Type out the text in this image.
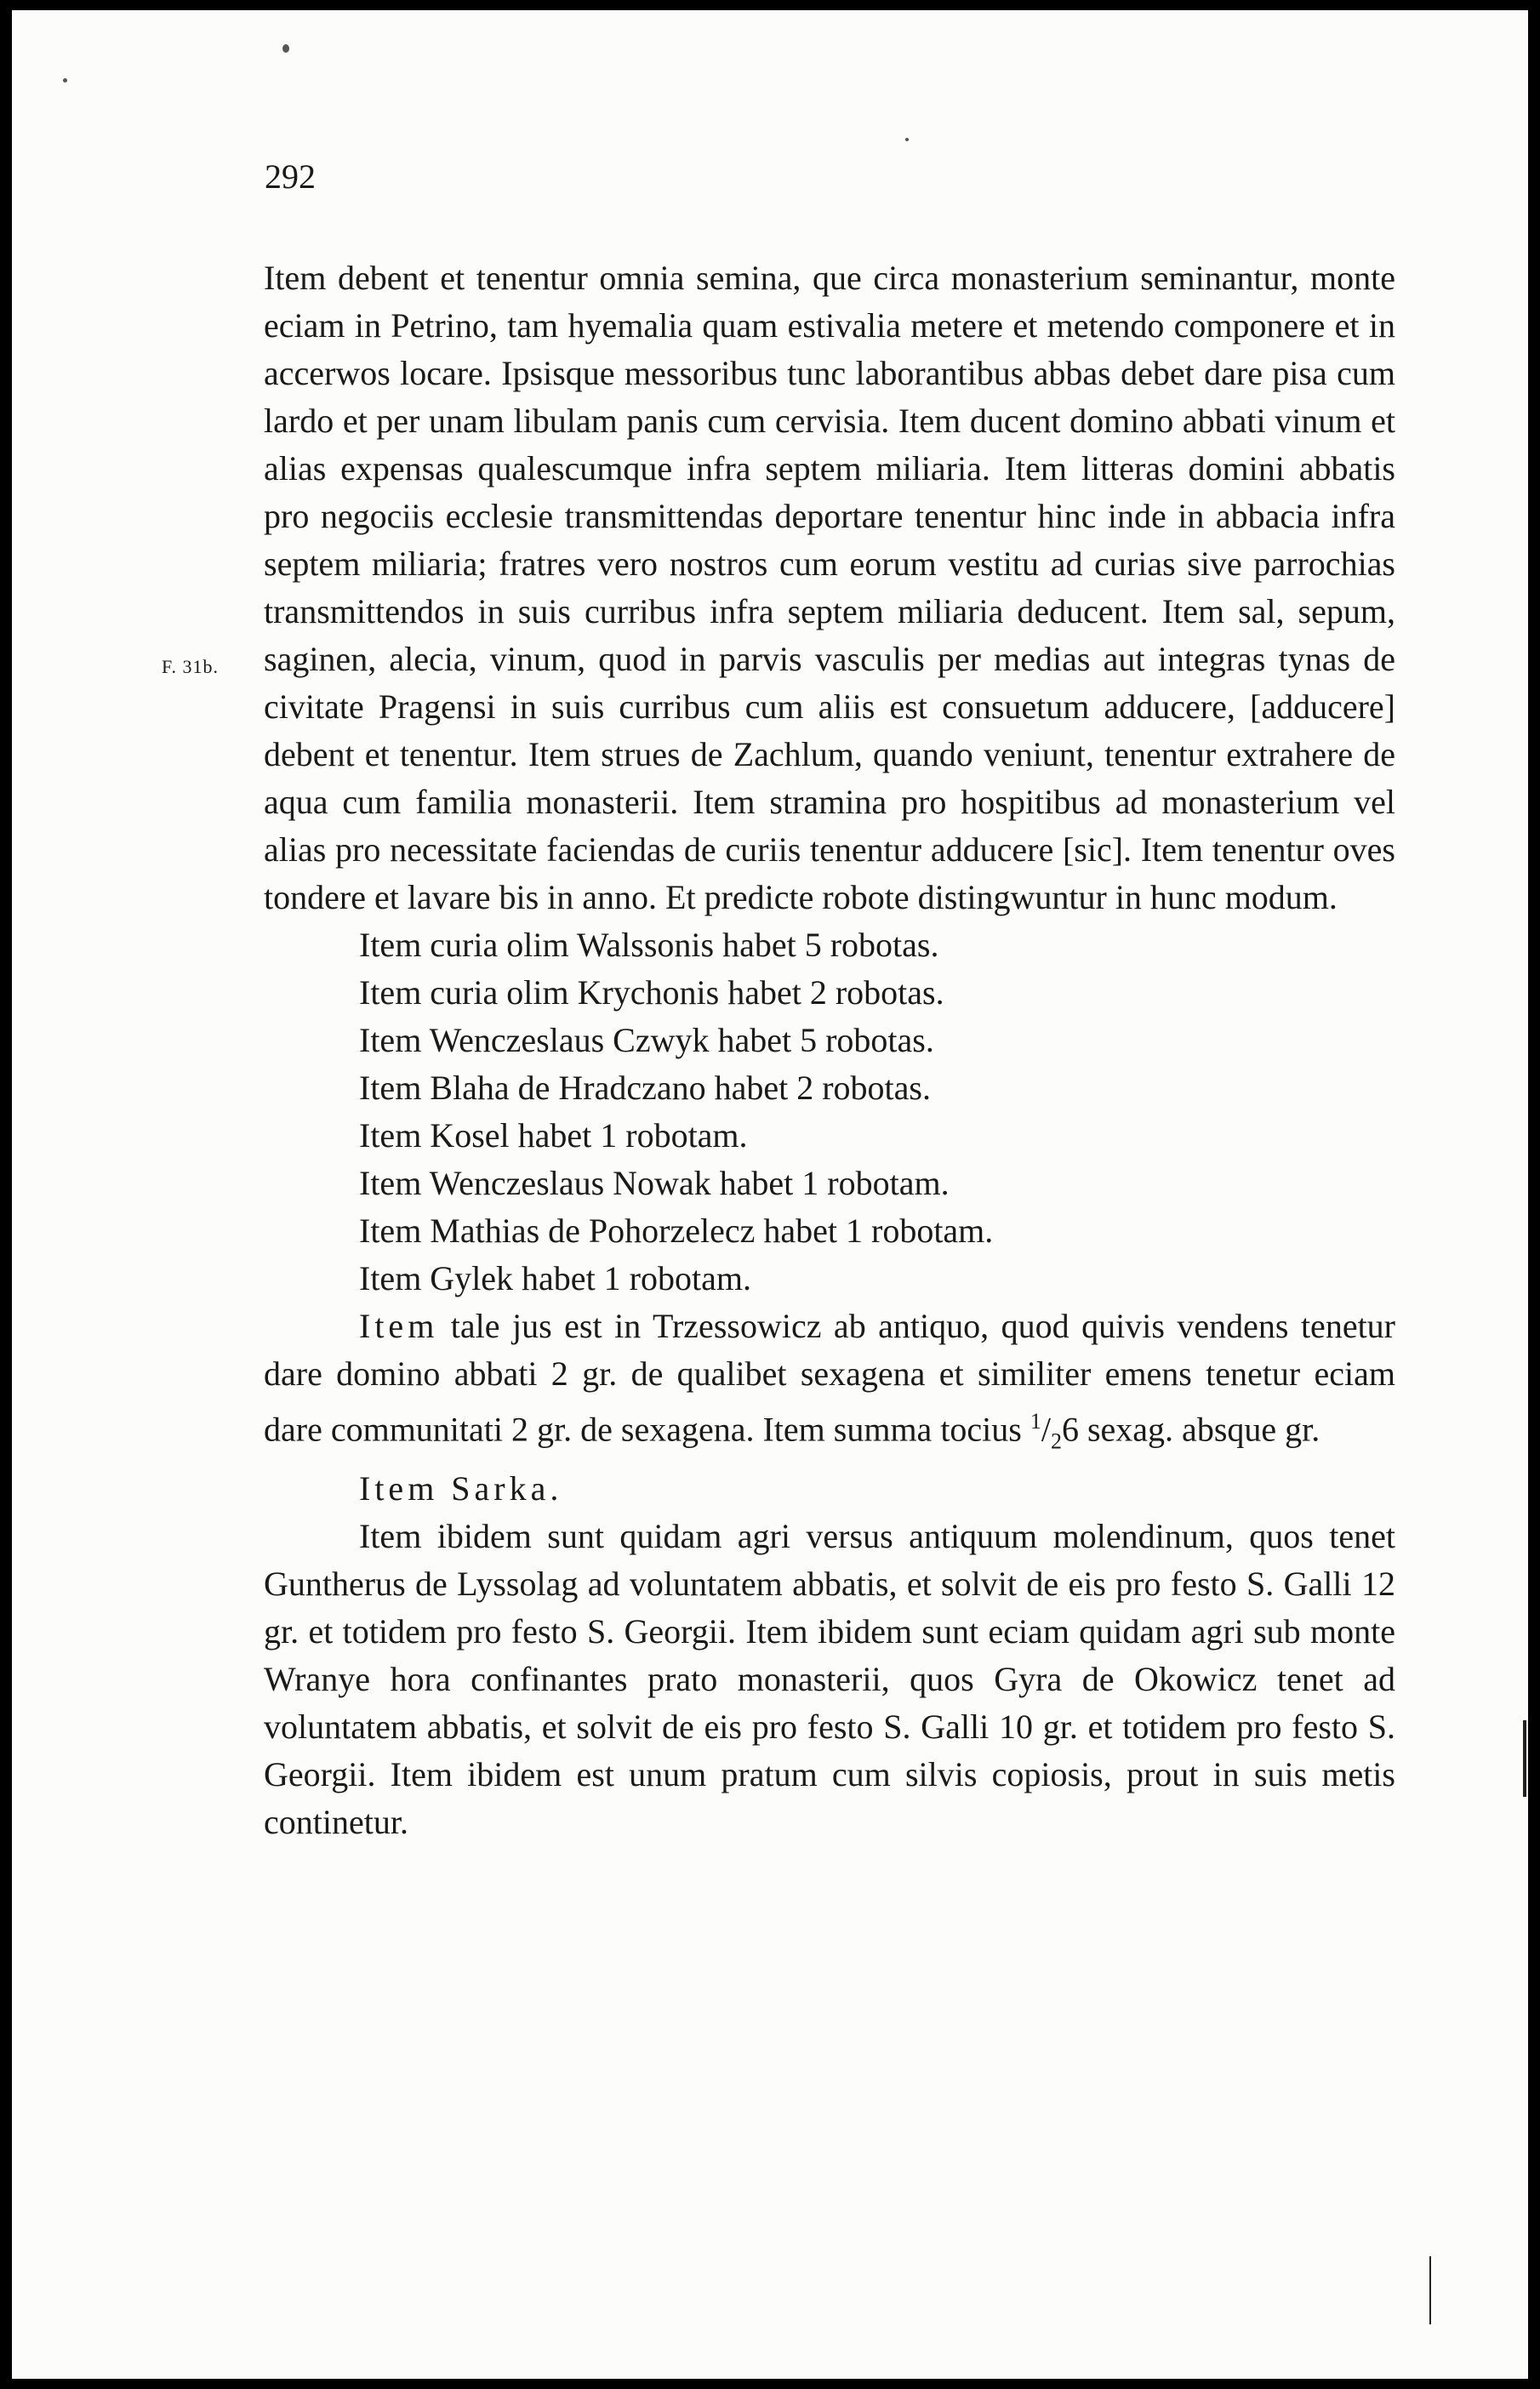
292
F. 31b.

Item debent et tenentur omnia semina, que circa monasterium seminantur, monte eciam in Petrino, tam hyemalia quam estivalia metere et metendo componere et in accerwos locare. Ipsisque messoribus tunc laborantibus abbas debet dare pisa cum lardo et per unam libulam panis cum cervisia. Item ducent domino abbati vinum et alias expensas qualescumque infra septem miliaria. Item litteras domini abbatis pro negociis ecclesie transmittendas deportare tenentur hinc inde in abbacia infra septem miliaria; fratres vero nostros cum eorum vestitu ad curias sive parrochias transmittendos in suis curribus infra septem miliaria deducent. Item sal, sepum, saginen, alecia, vinum, quod in parvis vasculis per medias aut integras tynas de civitate Pragensi in suis curribus cum aliis est consuetum adducere, [adducere] debent et tenentur. Item strues de Zachlum, quando veniunt, tenentur extrahere de aqua cum familia monasterii. Item stramina pro hospitibus ad monasterium vel alias pro necessitate faciendas de curiis tenentur adducere [sic]. Item tenentur oves tondere et lavare bis in anno. Et predicte robote distingwuntur in hunc modum.

Item curia olim Walssonis habet 5 robotas.

Item curia olim Krychonis habet 2 robotas.

Item Wenczeslaus Czwyk habet 5 robotas.

Item Blaha de Hradczano habet 2 robotas.

Item Kosel habet 1 robotam.

Item Wenczeslaus Nowak habet 1 robotam.

Item Mathias de Pohorzelecz habet 1 robotam.

Item Gylek habet 1 robotam.

Item tale jus est in Trzessowicz ab antiquo, quod quivis vendens tenetur dare domino abbati 2 gr. de qualibet sexagena et similiter emens tenetur eciam dare communitati 2 gr. de sexagena. Item summa tocius $^1/_26$ sexag. absque gr.

Item Sarka.

Item ibidem sunt quidam agri versus antiquum molendinum, quos tenet Guntherus de Lyssolag ad voluntatem abbatis, et solvit de eis pro festo S. Galli 12 gr. et totidem pro festo S. Georgii. Item ibidem sunt eciam quidam agri sub monte Wranye hora confinantes prato monasterii, quos Gyra de Okowicz tenet ad voluntatem abbatis, et solvit de eis pro festo S. Galli 10 gr. et totidem pro festo S. Georgii. Item ibidem est unum pratum cum silvis copiosis, prout in suis metis continetur.
